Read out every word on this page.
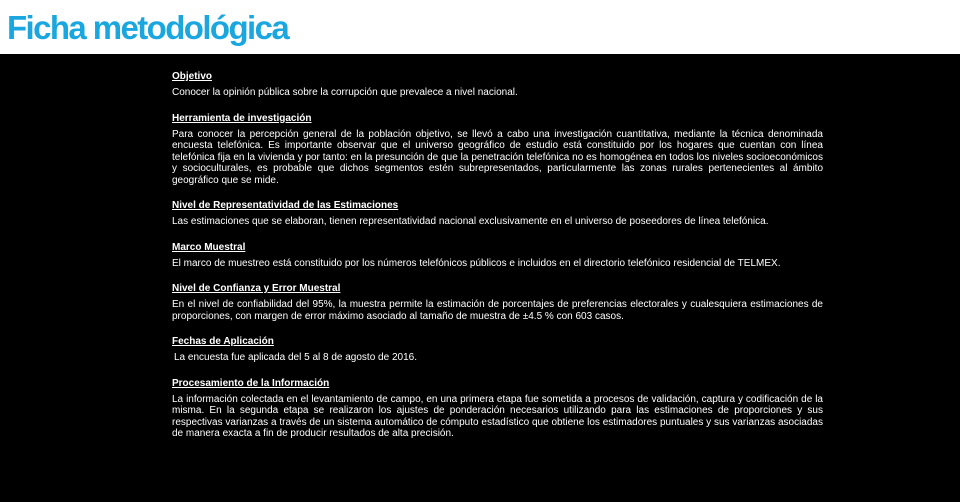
Ficha metodológica
Objetivo

Conocer la opinión pública sobre la corrupción que prevalece a nivel nacional.

Herramienta de investigación

Para conocer la percepción general de la población objetivo, se llevó a cabo una investigación cuantitativa, mediante la técnica denominada encuesta telefónica. Es importante observar que el universo geográfico de estudio está constituido por los hogares que cuentan con línea telefónica fija en la vivienda y por tanto: en la presunción de que la penetración telefónica no es homogénea en todos los niveles socioeconómicos y socioculturales, es probable que dichos segmentos estén subrepresentados, particularmente las zonas rurales pertenecientes al ámbito geográfico que se mide.

Nivel de Representatividad de las Estimaciones

Las estimaciones que se elaboran, tienen representatividad nacional exclusivamente en el universo de poseedores de línea telefónica.

Marco Muestral

El marco de muestreo está constituido por los números telefónicos públicos e incluidos en el directorio telefónico residencial de TELMEX.

Nivel de Confianza y Error Muestral

En el nivel de confiabilidad del 95%, la muestra permite la estimación de porcentajes de preferencias electorales y cualesquiera estimaciones de proporciones, con margen de error máximo asociado al tamaño de muestra de ±4.5 % con 603 casos.

Fechas de Aplicación

La encuesta fue aplicada del 5 al 8 de agosto de 2016.

Procesamiento de la Información

La información colectada en el levantamiento de campo, en una primera etapa fue sometida a procesos de validación, captura y codificación de la misma. En la segunda etapa se realizaron los ajustes de ponderación necesarios utilizando para las estimaciones de proporciones y sus respectivas varianzas a través de un sistema automático de cómputo estadístico que obtiene los estimadores puntuales y sus varianzas asociadas de manera exacta a fin de producir resultados de alta precisión.
